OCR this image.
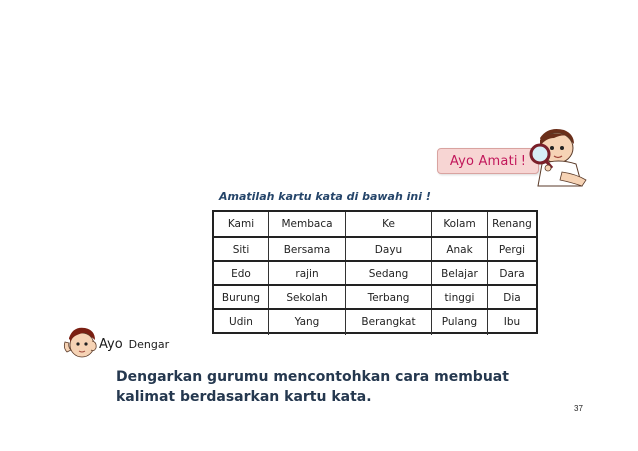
Ayo
Amati !
Amatilah kartu kata di bawah ini !
Kami	Membaca	Ke	Kolam	Renang
Siti	Bersama	Dayu	Anak	Pergi
Edo	rajin	Sedang	Belajar	Dara
Burung	Sekolah	Terbang	tinggi	Dia
Udin	Yang	Berangkat	Pulang	Ibu
Ayo Dengar
Dengarkan gurumu mencontohkan cara membuat kalimat berdasarkan kartu kata.
37
